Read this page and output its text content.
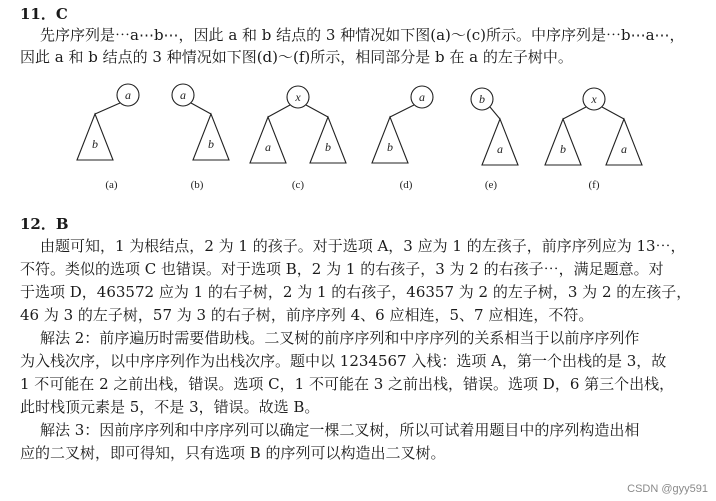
11．C
先序序列是⋯a⋯b⋯，因此 a 和 b 结点的 3 种情况如下图(a)～(c)所示。中序序列是⋯b⋯a⋯，
因此 a 和 b 结点的 3 种情况如下图(d)～(f)所示，相同部分是 b 在 a 的左子树中。
b
a
(a)
b
a
(b)
a	b
x
(c)
b
a
(d)
a
b
(e)
b	a
x
(f)
12．B
由题可知，1 为根结点，2 为 1 的孩子。对于选项 A，3 应为 1 的左孩子，前序序列应为 13⋯，
不符。类似的选项 C 也错误。对于选项 B，2 为 1 的右孩子，3 为 2 的右孩子⋯，满足题意。对
于选项 D，463572 应为 1 的右子树，2 为 1 的右孩子，46357 为 2 的左子树，3 为 2 的左孩子，
46 为 3 的左子树，57 为 3 的右子树，前序序列 4、6 应相连，5、7 应相连，不符。
解法 2：前序遍历时需要借助栈。二叉树的前序序列和中序序列的关系相当于以前序序列作
为入栈次序，以中序序列作为出栈次序。题中以 1234567 入栈：选项 A，第一个出栈的是 3，故
1 不可能在 2 之前出栈，错误。选项 C，1 不可能在 3 之前出栈，错误。选项 D，6 第三个出栈，
此时栈顶元素是 5，不是 3，错误。故选 B。
解法 3：因前序序列和中序序列可以确定一棵二叉树，所以可试着用题目中的序列构造出相
应的二叉树，即可得知，只有选项 B 的序列可以构造出二叉树。
CSDN @gyy591
